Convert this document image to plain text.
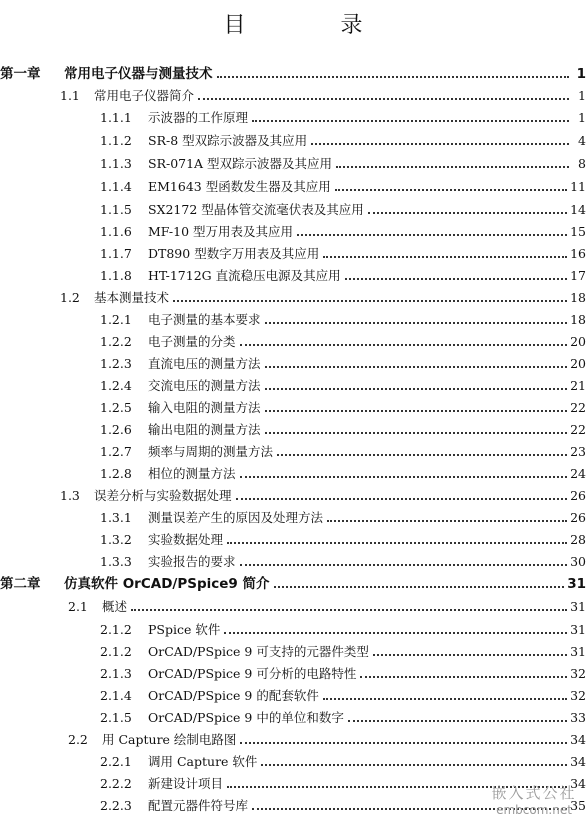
目 录
第一章	常用电子仪器与测量技术	1
1.1	常用电子仪器简介	1
1.1.1	示波器的工作原理	1
1.1.2	SR-8 型双踪示波器及其应用	4
1.1.3	SR-071A 型双踪示波器及其应用	8
1.1.4	EM1643 型函数发生器及其应用	11
1.1.5	SX2172 型晶体管交流毫伏表及其应用	14
1.1.6	MF-10 型万用表及其应用	15
1.1.7	DT890 型数字万用表及其应用	16
1.1.8	HT-1712G 直流稳压电源及其应用	17
1.2	基本测量技术	18
1.2.1	电子测量的基本要求	18
1.2.2	电子测量的分类	20
1.2.3	直流电压的测量方法	20
1.2.4	交流电压的测量方法	21
1.2.5	输入电阻的测量方法	22
1.2.6	输出电阻的测量方法	22
1.2.7	频率与周期的测量方法	23
1.2.8	相位的测量方法	24
1.3	误差分析与实验数据处理	26
1.3.1	测量误差产生的原因及处理方法	26
1.3.2	实验数据处理	28
1.3.3	实验报告的要求	30
第二章	仿真软件 OrCAD/PSpice9 简介	31
2.1	概述	31
2.1.2	PSpice 软件	31
2.1.2	OrCAD/PSpice 9 可支持的元器件类型	31
2.1.3	OrCAD/PSpice 9 可分析的电路特性	32
2.1.4	OrCAD/PSpice 9 的配套软件	32
2.1.5	OrCAD/PSpice 9 中的单位和数字	33
2.2	用 Capture 绘制电路图	34
2.2.1	调用 Capture 软件	34
2.2.2	新建设计项目	34
2.2.3	配置元器件符号库	35
嵌入式公社
embcom.net
